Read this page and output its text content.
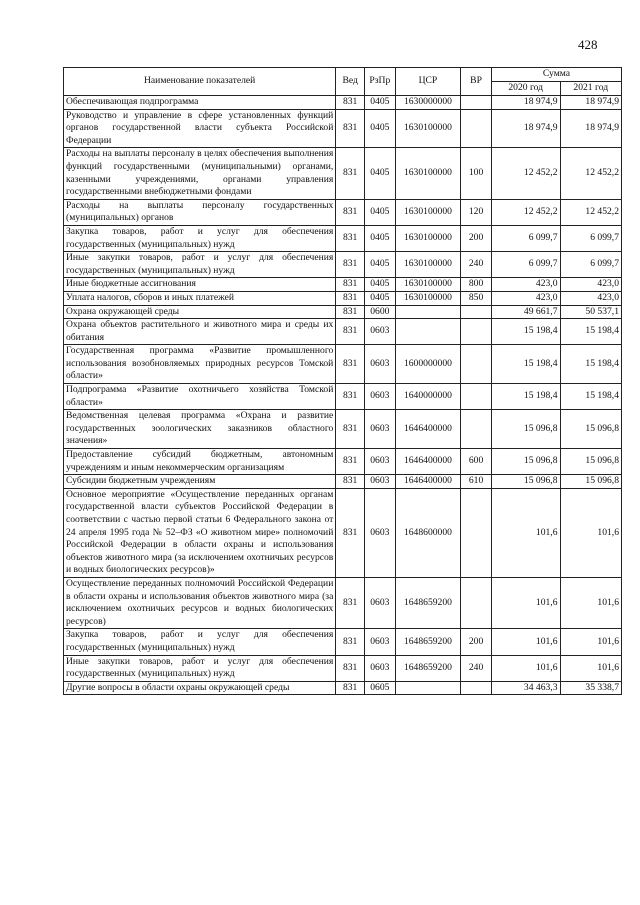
428
Наименование показателей	Вед	РзПр	ЦСР	ВР	Сумма	
					2020 год	2021 год
Обеспечивающая подпрограмма	831	0405	1630000000		18 974,9	18 974,9
Руководство и управление в сфере установленных функций органов государственной власти субъекта Российской Федерации	831	0405	1630100000		18 974,9	18 974,9
Расходы на выплаты персоналу в целях обеспечения выполнения функций государственными (муниципальными) органами, казенными учреждениями, органами управления государственными внебюджетными фондами	831	0405	1630100000	100	12 452,2	12 452,2
Расходы на выплаты персоналу государственных (муниципальных) органов	831	0405	1630100000	120	12 452,2	12 452,2
Закупка товаров, работ и услуг для обеспечения государственных (муниципальных) нужд	831	0405	1630100000	200	6 099,7	6 099,7
Иные закупки товаров, работ и услуг для обеспечения государственных (муниципальных) нужд	831	0405	1630100000	240	6 099,7	6 099,7
Иные бюджетные ассигнования	831	0405	1630100000	800	423,0	423,0
Уплата налогов, сборов и иных платежей	831	0405	1630100000	850	423,0	423,0
Охрана окружающей среды	831	0600			49 661,7	50 537,1
Охрана объектов растительного и животного мира и среды их обитания	831	0603			15 198,4	15 198,4
Государственная программа «Развитие промышленного использования возобновляемых природных ресурсов Томской области»	831	0603	1600000000		15 198,4	15 198,4
Подпрограмма «Развитие охотничьего хозяйства Томской области»	831	0603	1640000000		15 198,4	15 198,4
Ведомственная целевая программа «Охрана и развитие государственных зоологических заказников областного значения»	831	0603	1646400000		15 096,8	15 096,8
Предоставление субсидий бюджетным, автономным учреждениям и иным некоммерческим организациям	831	0603	1646400000	600	15 096,8	15 096,8
Субсидии бюджетным учреждениям	831	0603	1646400000	610	15 096,8	15 096,8
Основное мероприятие «Осуществление переданных органам государственной власти субъектов Российской Федерации в соответствии с частью первой статьи 6 Федерального закона от 24 апреля 1995 года № 52–ФЗ «О животном мире» полномочий Российской Федерации в области охраны и использования объектов животного мира (за исключением охотничьих ресурсов и водных биологических ресурсов)»	831	0603	1648600000		101,6	101,6
Осуществление переданных полномочий Российской Федерации в области охраны и использования объектов животного мира (за исключением охотничьих ресурсов и водных биологических ресурсов)	831	0603	1648659200		101,6	101,6
Закупка товаров, работ и услуг для обеспечения государственных (муниципальных) нужд	831	0603	1648659200	200	101,6	101,6
Иные закупки товаров, работ и услуг для обеспечения государственных (муниципальных) нужд	831	0603	1648659200	240	101,6	101,6
Другие вопросы в области охраны окружающей среды	831	0605			34 463,3	35 338,7
